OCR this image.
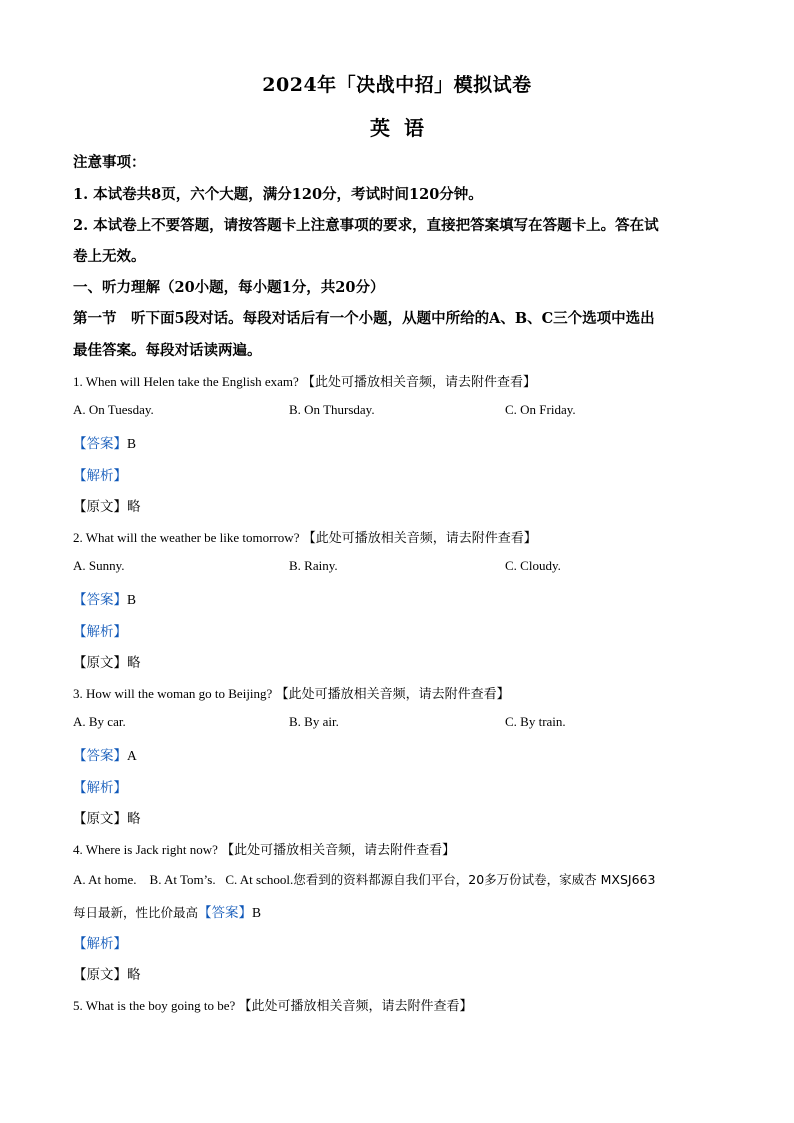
2024年「决战中招」模拟试卷
英语
注意事项：
1. 本试卷共8页，六个大题，满分120分，考试时间120分钟。
2. 本试卷上不要答题，请按答题卡上注意事项的要求，直接把答案填写在答题卡上。答在试
卷上无效。
一、听力理解（20小题，每小题1分，共20分）
第一节　听下面5段对话。每段对话后有一个小题，从题中所给的A、B、C三个选项中选出
最佳答案。每段对话读两遍。
1. When will Helen take the English exam? 【此处可播放相关音频，请去附件查看】
A. On Tuesday.	B. On Thursday.	C. On Friday.
【答案】B
【解析】
【原文】略
2. What will the weather be like tomorrow? 【此处可播放相关音频，请去附件查看】
A. Sunny.	B. Rainy.	C. Cloudy.
【答案】B
【解析】
【原文】略
3. How will the woman go to Beijing? 【此处可播放相关音频，请去附件查看】
A. By car.	B. By air.	C. By train.
【答案】A
【解析】
【原文】略
4. Where is Jack right now? 【此处可播放相关音频，请去附件查看】
A. At home.    B. At Tom’s.   C. At school.您看到的资料都源自我们平台，20多万份试卷，家威杏 MXSJ663
每日最新，性比价最高【答案】B
【解析】
【原文】略
5. What is the boy going to be? 【此处可播放相关音频，请去附件查看】
